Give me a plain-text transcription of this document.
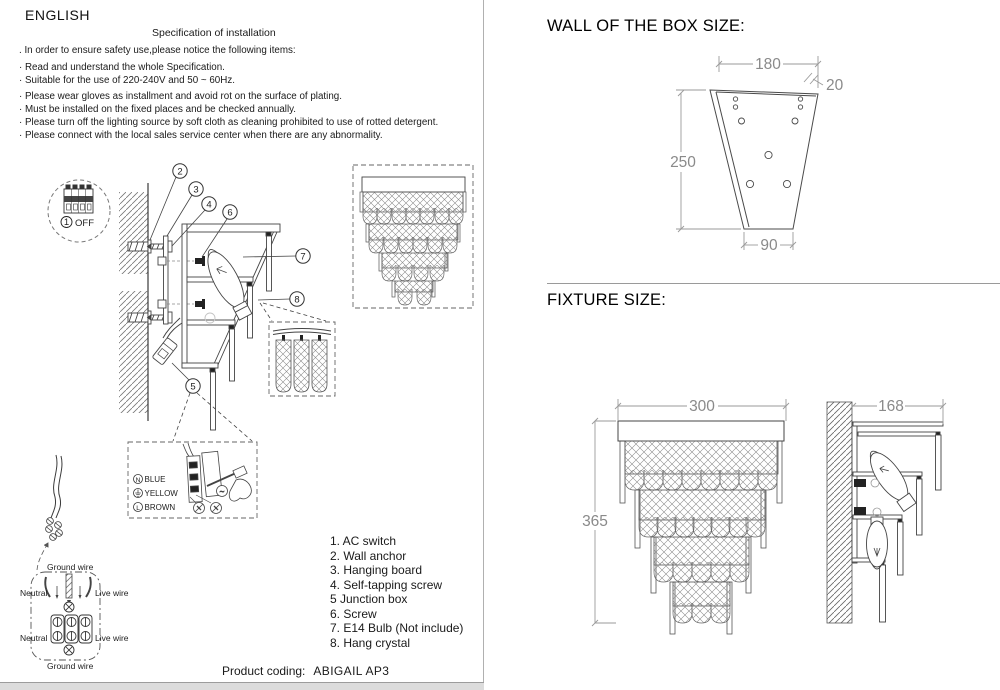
ENGLISH
Specification of installation
. In order to ensure safety use,please notice the following items:
· Read and understand the whole Specification.
· Suitable for the use of 220-240V and 50 ~ 60Hz.
· Please wear gloves as installment and avoid rot on the surface of plating.
· Must be installed on the fixed places and be checked annually.
· Please turn off the lighting source by soft cloth as cleaning prohibited to use of rotted detergent.
· Please connect with the local sales service center when there are any abnormality.
1. AC switch
2. Wall anchor
3. Hanging board
4. Self-tapping screw
5 Junction box
6. Screw
7. E14 Bulb (Not include)
8. Hang crystal
Product coding: ABIGAIL AP3
1 OFF
N BLUE
YELLOW
L BROWN
~
Ground wire
Neutral	Live wire
Neutral	Live wire
Ground wire
2
3
4
6
7
8
5
WALL OF THE BOX SIZE:
FIXTURE SIZE:
180
20
250
90
300
365
168
